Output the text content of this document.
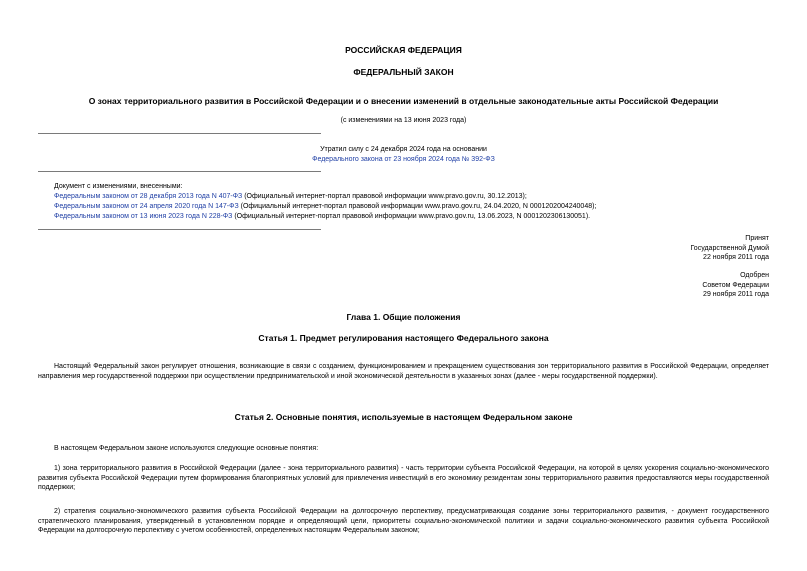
РОССИЙСКАЯ ФЕДЕРАЦИЯ
ФЕДЕРАЛЬНЫЙ ЗАКОН
О зонах территориального развития в Российской Федерации и о внесении изменений в отдельные законодательные акты Российской Федерации
(с изменениями на 13 июня 2023 года)
Утратил силу с 24 декабря 2024 года на основании
Федерального закона от 23 ноября 2024 года № 392-ФЗ
Документ с изменениями, внесенными:
Федеральным законом от 28 декабря 2013 года N 407-ФЗ (Официальный интернет-портал правовой информации www.pravo.gov.ru, 30.12.2013);
Федеральным законом от 24 апреля 2020 года N 147-ФЗ (Официальный интернет-портал правовой информации www.pravo.gov.ru, 24.04.2020, N 0001202004240048);
Федеральным законом от 13 июня 2023 года N 228-ФЗ (Официальный интернет-портал правовой информации www.pravo.gov.ru, 13.06.2023, N 0001202306130051).
Принят
Государственной Думой
22 ноября 2011 года
Одобрен
Советом Федерации
29 ноября 2011 года
Глава 1. Общие положения
Статья 1. Предмет регулирования настоящего Федерального закона
Настоящий Федеральный закон регулирует отношения, возникающие в связи с созданием, функционированием и прекращением существования зон территориального развития в Российской Федерации, определяет направления мер государственной поддержки при осуществлении предпринимательской и иной экономической деятельности в указанных зонах (далее - меры государственной поддержки).
Статья 2. Основные понятия, используемые в настоящем Федеральном законе
В настоящем Федеральном законе используются следующие основные понятия:
1) зона территориального развития в Российской Федерации (далее - зона территориального развития) - часть территории субъекта Российской Федерации, на которой в целях ускорения социально-экономического развития субъекта Российской Федерации путем формирования благоприятных условий для привлечения инвестиций в его экономику резидентам зоны территориального развития предоставляются меры государственной поддержки;
2) стратегия социально-экономического развития субъекта Российской Федерации на долгосрочную перспективу, предусматривающая создание зоны территориального развития, - документ государственного стратегического планирования, утвержденный в установленном порядке и определяющий цели, приоритеты социально-экономической политики и задачи социально-экономического развития субъекта Российской Федерации на долгосрочную перспективу с учетом особенностей, определенных настоящим Федеральным законом;
